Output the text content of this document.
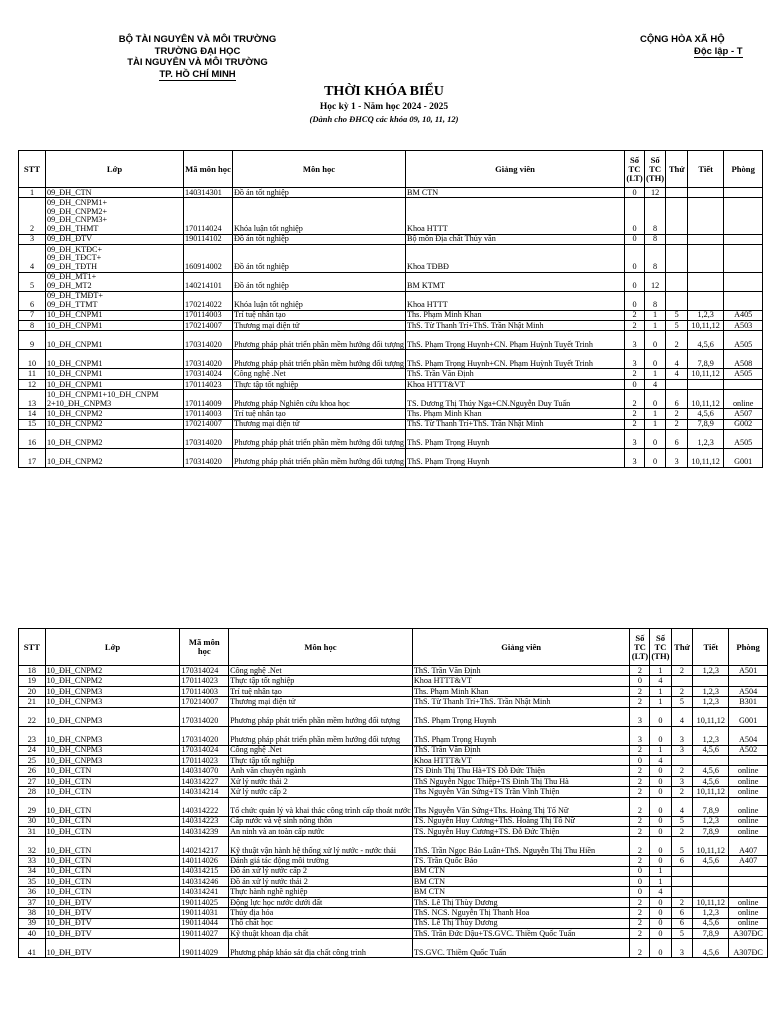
BỘ TÀI NGUYÊN VÀ MÔI TRƯỜNG
TRƯỜNG ĐẠI HỌC
TÀI NGUYÊN VÀ MÔI TRƯỜNG
TP. HỒ CHÍ MINH
CỘNG HÒA XÃ HỘ
Độc lập - T
THỜI KHÓA BIỂU
Học kỳ 1 - Năm học 2024 - 2025
(Dành cho ĐHCQ các khóa 09, 10, 11, 12)
STT	Lớp	Mã môn học	Môn học	Giảng viên	Số TC (LT)	Số TC (TH)	Thứ	Tiết	Phòng
1	09_ĐH_CTN	140314301	Đồ án tốt nghiệp	BM CTN	0	12			
2	09_ĐH_CNPM1+
09_ĐH_CNPM2+
09_ĐH_CNPM3+
09_ĐH_THMT	170114024	Khóa luận tốt nghiệp	Khoa HTTT	0	8			
3	09_ĐH_ĐTV	190114102	Đồ án tốt nghiệp	Bộ môn Địa chất Thủy văn	0	8			
4	09_ĐH_KTĐC+
09_ĐH_TĐCT+
09_ĐH_TĐTH	160914002	Đồ án tốt nghiệp	Khoa TĐBĐ	0	8			
5	09_ĐH_MT1+
09_ĐH_MT2	140214101	Đồ án tốt nghiệp	BM KTMT	0	12			
6	09_ĐH_TMĐT+
09_ĐH_TTMT	170214022	Khóa luận tốt nghiệp	Khoa HTTT	0	8			
7	10_ĐH_CNPM1	170114003	Trí tuệ nhân tạo	Ths. Phạm Minh Khan	2	1	5	1,2,3	A405
8	10_ĐH_CNPM1	170214007	Thương mại điện tử	ThS. Từ Thanh Trí+ThS. Trần Nhật Minh	2	1	5	10,11,12	A503
9	10_ĐH_CNPM1	170314020	Phương pháp phát triển phần mềm hướng đối tượng	ThS. Phạm Trọng Huynh+CN. Phạm Huỳnh Tuyết Trinh	3	0	2	4,5,6	A505
10	10_ĐH_CNPM1	170314020	Phương pháp phát triển phần mềm hướng đối tượng	ThS. Phạm Trọng Huynh+CN. Phạm Huỳnh Tuyết Trinh	3	0	4	7,8,9	A508
11	10_ĐH_CNPM1	170314024	Công nghệ .Net	ThS. Trần Văn Định	2	1	4	10,11,12	A505
12	10_ĐH_CNPM1	170114023	Thực tập tốt nghiệp	Khoa HTTT&VT	0	4			
13	10_ĐH_CNPM1+10_ĐH_CNPM
2+10_ĐH_CNPM3	170114009	Phương pháp Nghiên cứu khoa học	TS. Dương Thị Thúy Nga+CN.Nguyễn Duy Tuấn	2	0	6	10,11,12	online
14	10_ĐH_CNPM2	170114003	Trí tuệ nhân tạo	Ths. Phạm Minh Khan	2	1	2	4,5,6	A507
15	10_ĐH_CNPM2	170214007	Thương mại điện tử	ThS. Từ Thanh Trí+ThS. Trần Nhật Minh	2	1	2	7,8,9	G002
16	10_ĐH_CNPM2	170314020	Phương pháp phát triển phần mềm hướng đối tượng	ThS. Phạm Trọng Huynh	3	0	6	1,2,3	A505
17	10_ĐH_CNPM2	170314020	Phương pháp phát triển phần mềm hướng đối tượng	ThS. Phạm Trọng Huynh	3	0	3	10,11,12	G001
STT	Lớp	Mã môn học	Môn học	Giảng viên	Số TC (LT)	Số TC (TH)	Thứ	Tiết	Phòng
18	10_ĐH_CNPM2	170314024	Công nghệ .Net	ThS. Trần Văn Định	2	1	2	1,2,3	A501
19	10_ĐH_CNPM2	170114023	Thực tập tốt nghiệp	Khoa HTTT&VT	0	4			
20	10_ĐH_CNPM3	170114003	Trí tuệ nhân tạo	Ths. Phạm Minh Khan	2	1	2	1,2,3	A504
21	10_ĐH_CNPM3	170214007	Thương mại điện tử	ThS. Từ Thanh Trí+ThS. Trần Nhật Minh	2	1	5	1,2,3	B301
22	10_ĐH_CNPM3	170314020	Phương pháp phát triển phần mềm hướng đối tượng	ThS. Phạm Trọng Huynh	3	0	4	10,11,12	G001
23	10_ĐH_CNPM3	170314020	Phương pháp phát triển phần mềm hướng đối tượng	ThS. Phạm Trọng Huynh	3	0	3	1,2,3	A504
24	10_ĐH_CNPM3	170314024	Công nghệ .Net	ThS. Trần Văn Định	2	1	3	4,5,6	A502
25	10_ĐH_CNPM3	170114023	Thực tập tốt nghiệp	Khoa HTTT&VT	0	4			
26	10_ĐH_CTN	140314070	Anh văn chuyên ngành	TS Đinh Thị Thu Hà+TS Đỗ Đức Thiện	2	0	2	4,5,6	online
27	10_ĐH_CTN	140314227	Xử lý nước thải 2	ThS Nguyễn Ngọc Thiệp+TS Đinh Thị Thu Hà	2	0	3	4,5,6	online
28	10_ĐH_CTN	140314214	Xử lý nước cấp 2	Ths Nguyễn Văn Sứng+TS Trần Vĩnh Thiện	2	0	2	10,11,12	online
29	10_ĐH_CTN	140314222	Tổ chức quản lý và khai thác công trình cấp thoát nước	Ths Nguyễn Văn Sứng+Ths. Hoàng Thị Tố Nữ	2	0	4	7,8,9	online
30	10_ĐH_CTN	140314223	Cấp nước và vệ sinh nông thôn	TS. Nguyễn Huy Cương+ThS. Hoàng Thị Tố Nữ	2	0	5	1,2,3	online
31	10_ĐH_CTN	140314239	An ninh và an toàn cấp nước	TS. Nguyễn Huy Cương+TS. Đỗ Đức Thiện	2	0	2	7,8,9	online
32	10_ĐH_CTN	140214217	Kỹ thuật vận hành hệ thống xử lý nước - nước thải	ThS. Trần Ngọc Bảo Luân+ThS. Nguyễn Thị Thu Hiền	2	0	5	10,11,12	A407
33	10_ĐH_CTN	140114026	Đánh giá tác động môi trường	TS. Trần Quốc Bảo	2	0	6	4,5,6	A407
34	10_ĐH_CTN	140314215	Đồ án xử lý nước cấp 2	BM CTN	0	1			
35	10_ĐH_CTN	140314246	Đồ án xử lý nước thải 2	BM CTN	0	1			
36	10_ĐH_CTN	140314241	Thực hành nghề nghiệp	BM CTN	0	4			
37	10_ĐH_ĐTV	190114025	Động lực học nước dưới đất	ThS. Lê Thị Thùy Dương	2	0	2	10,11,12	online
38	10_ĐH_ĐTV	190114031	Thủy địa hóa	ThS. NCS. Nguyễn Thị Thanh Hoa	2	0	6	1,2,3	online
39	10_ĐH_ĐTV	190114044	Thổ chất học	ThS. Lê Thị Thùy Dương	2	0	6	4,5,6	online
40	10_ĐH_ĐTV	190114027	Kỹ thuật khoan địa chất	ThS. Trần Đức Dậu+TS.GVC. Thiềm Quốc Tuấn	2	0	5	7,8,9	A307ĐC
41	10_ĐH_ĐTV	190114029	Phương pháp khảo sát địa chất công trình	TS.GVC. Thiềm Quốc Tuấn	2	0	3	4,5,6	A307ĐC
